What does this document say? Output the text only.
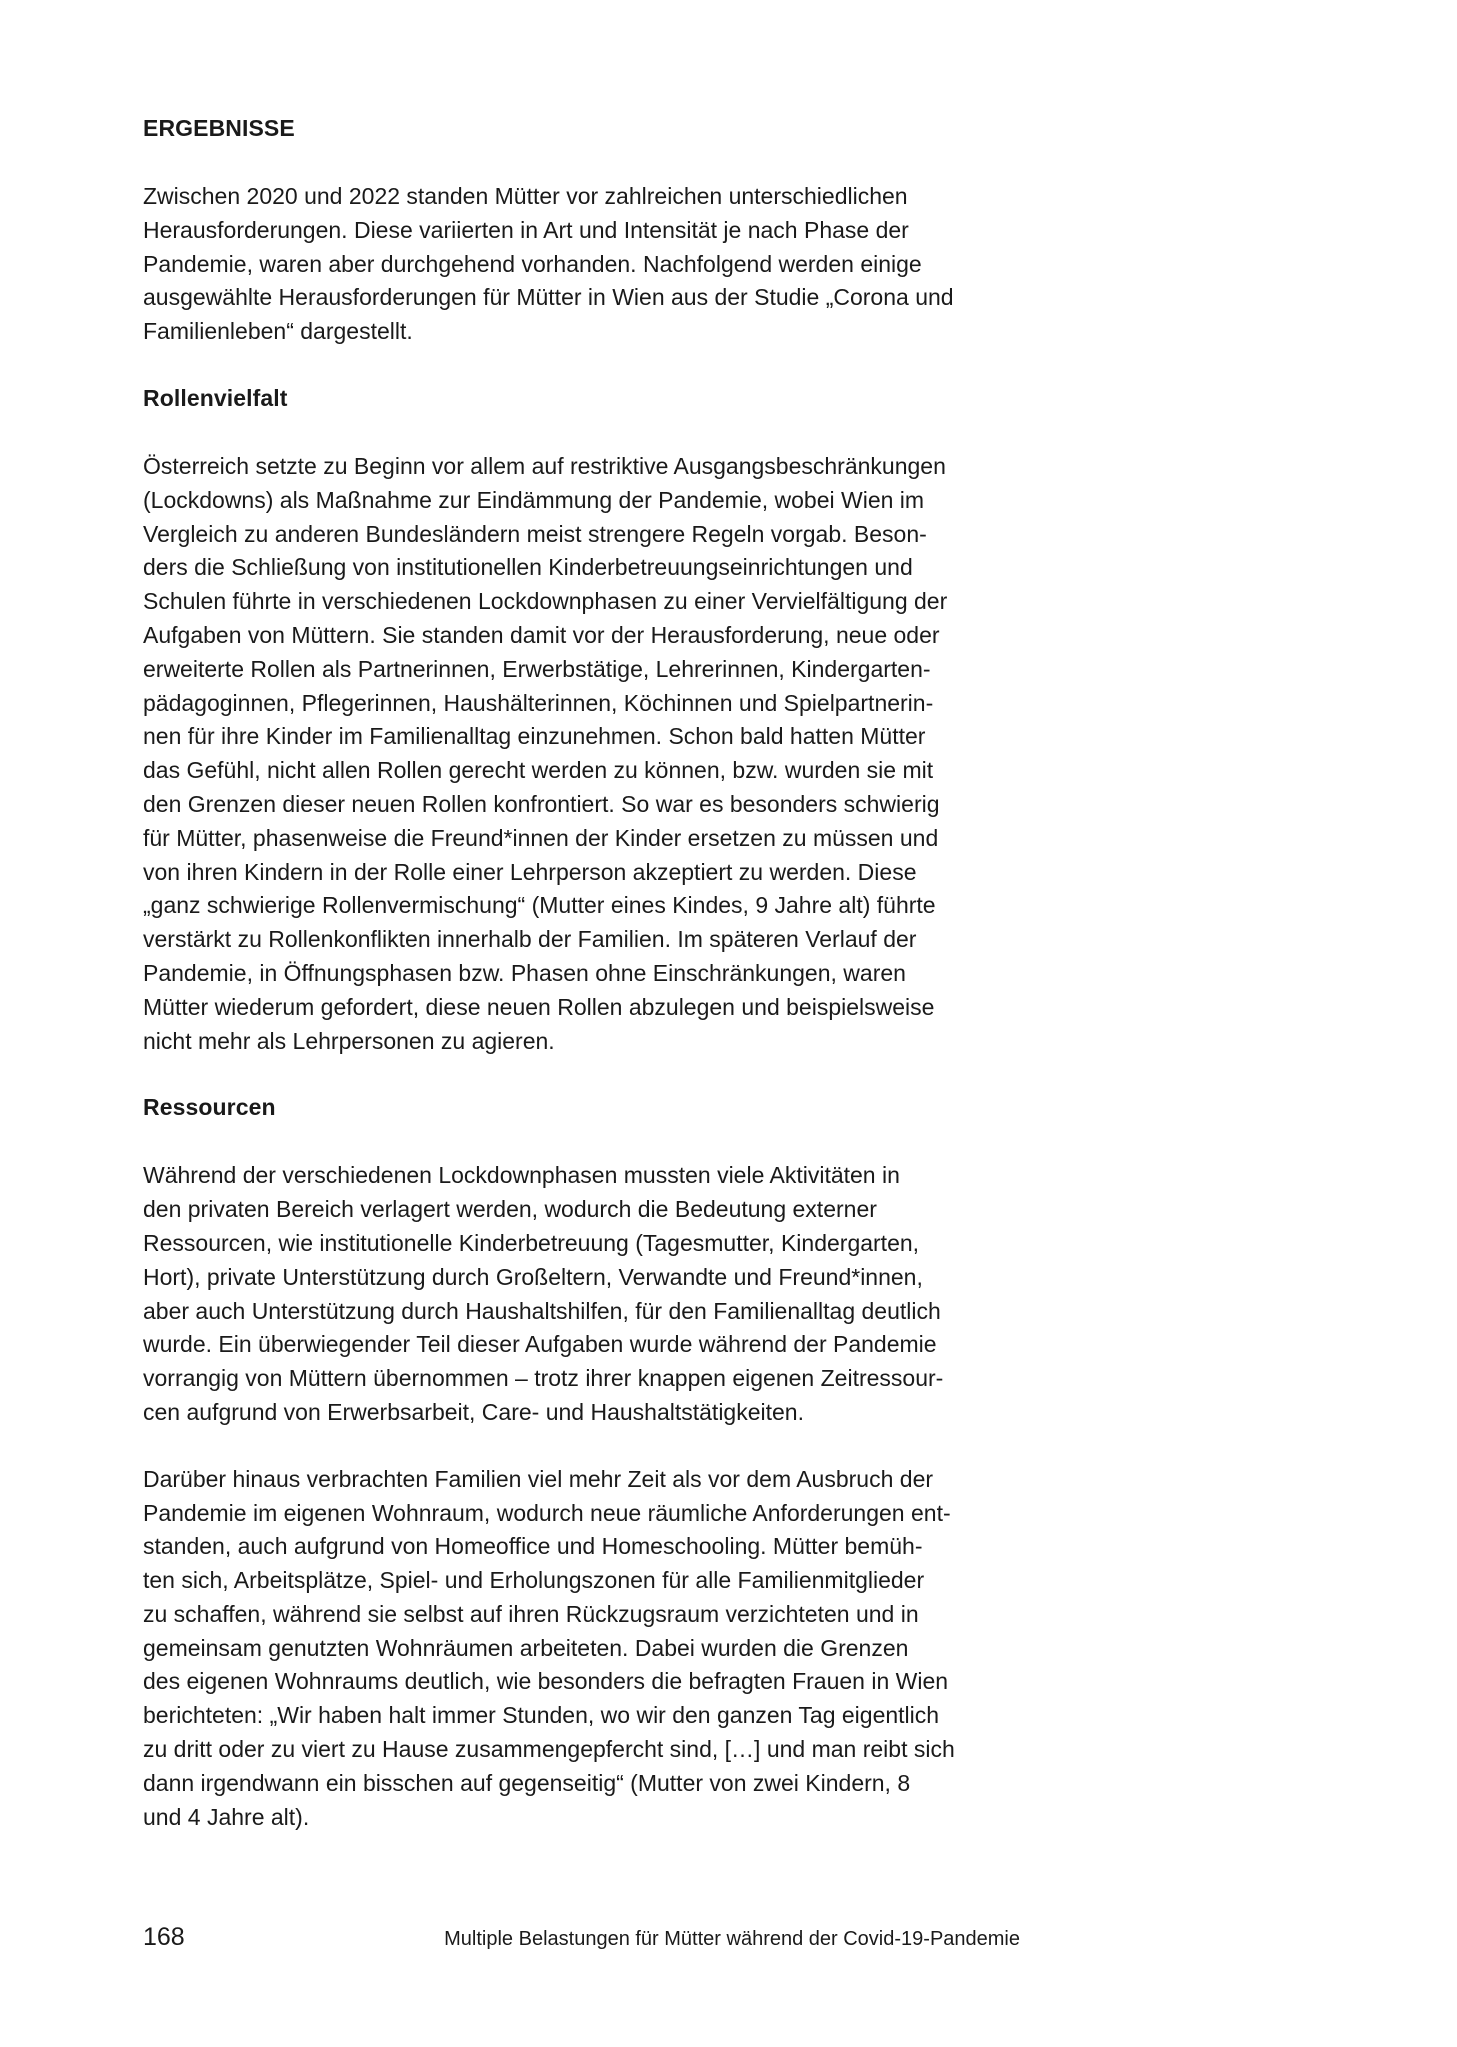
ERGEBNISSE
Zwischen 2020 und 2022 standen Mütter vor zahlreichen unterschiedlichen
Herausforderungen. Diese variierten in Art und Intensität je nach Phase der
Pandemie, waren aber durchgehend vorhanden. Nachfolgend werden einige
ausgewählte Herausforderungen für Mütter in Wien aus der Studie „Corona und
Familienleben“ dargestellt.
Rollenvielfalt
Österreich setzte zu Beginn vor allem auf restriktive Ausgangsbeschränkungen
(Lockdowns) als Maßnahme zur Eindämmung der Pandemie, wobei Wien im
Vergleich zu anderen Bundesländern meist strengere Regeln vorgab. Beson-
ders die Schließung von institutionellen Kinderbetreuungseinrichtungen und
Schulen führte in verschiedenen Lockdownphasen zu einer Vervielfältigung der
Aufgaben von Müttern. Sie standen damit vor der Herausforderung, neue oder
erweiterte Rollen als Partnerinnen, Erwerbstätige, Lehrerinnen, Kindergarten-
pädagoginnen, Pflegerinnen, Haushälterinnen, Köchinnen und Spielpartnerin-
nen für ihre Kinder im Familienalltag einzunehmen. Schon bald hatten Mütter
das Gefühl, nicht allen Rollen gerecht werden zu können, bzw. wurden sie mit
den Grenzen dieser neuen Rollen konfrontiert. So war es besonders schwierig
für Mütter, phasenweise die Freund*innen der Kinder ersetzen zu müssen und
von ihren Kindern in der Rolle einer Lehrperson akzeptiert zu werden. Diese
„ganz schwierige Rollenvermischung“ (Mutter eines Kindes, 9 Jahre alt) führte
verstärkt zu Rollenkonflikten innerhalb der Familien. Im späteren Verlauf der
Pandemie, in Öffnungsphasen bzw. Phasen ohne Einschränkungen, waren
Mütter wiederum gefordert, diese neuen Rollen abzulegen und beispielsweise
nicht mehr als Lehrpersonen zu agieren.
Ressourcen
Während der verschiedenen Lockdownphasen mussten viele Aktivitäten in
den privaten Bereich verlagert werden, wodurch die Bedeutung externer
Ressourcen, wie institutionelle Kinderbetreuung (Tagesmutter, Kindergarten,
Hort), private Unterstützung durch Großeltern, Verwandte und Freund*innen,
aber auch Unterstützung durch Haushaltshilfen, für den Familienalltag deutlich
wurde. Ein überwiegender Teil dieser Aufgaben wurde während der Pandemie
vorrangig von Müttern übernommen – trotz ihrer knappen eigenen Zeitressour-
cen aufgrund von Erwerbsarbeit, Care- und Haushaltstätigkeiten.
Darüber hinaus verbrachten Familien viel mehr Zeit als vor dem Ausbruch der
Pandemie im eigenen Wohnraum, wodurch neue räumliche Anforderungen ent-
standen, auch aufgrund von Homeoffice und Homeschooling. Mütter bemüh-
ten sich, Arbeitsplätze, Spiel- und Erholungszonen für alle Familienmitglieder
zu schaffen, während sie selbst auf ihren Rückzugsraum verzichteten und in
gemeinsam genutzten Wohnräumen arbeiteten. Dabei wurden die Grenzen
des eigenen Wohnraums deutlich, wie besonders die befragten Frauen in Wien
berichteten: „Wir haben halt immer Stunden, wo wir den ganzen Tag eigentlich
zu dritt oder zu viert zu Hause zusammengepfercht sind, […] und man reibt sich
dann irgendwann ein bisschen auf gegenseitig“ (Mutter von zwei Kindern, 8
und 4 Jahre alt).
168	Multiple Belastungen für Mütter während der Covid-19-Pandemie
